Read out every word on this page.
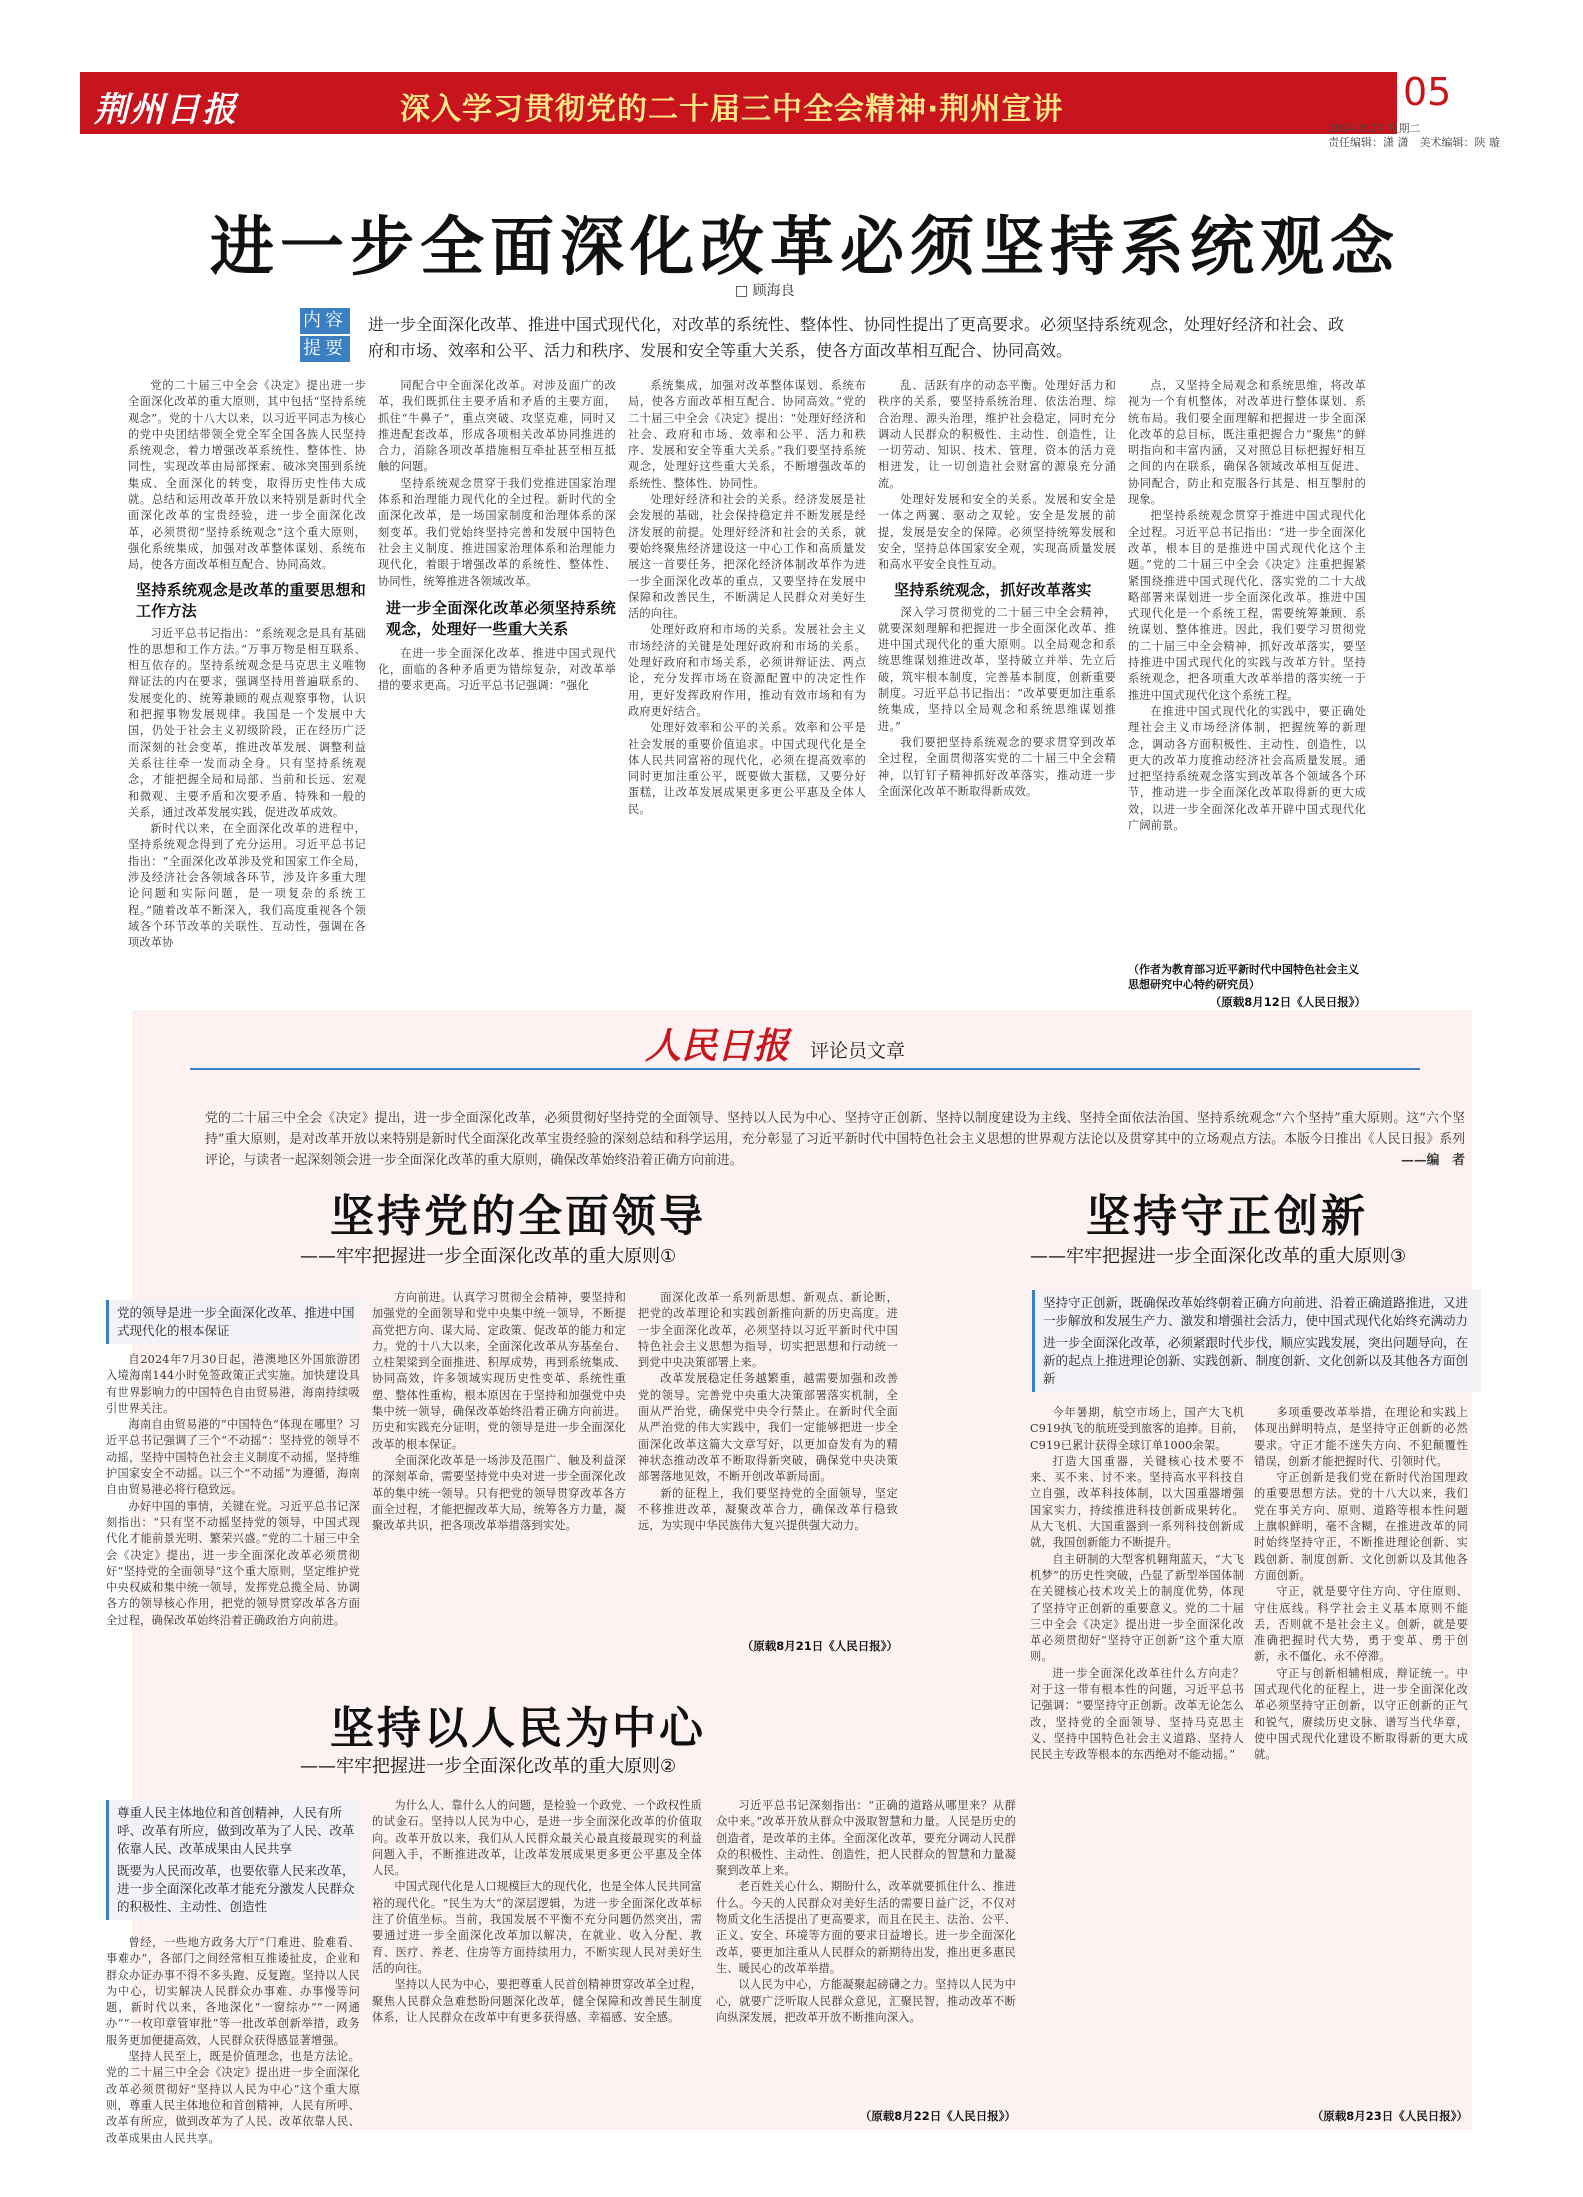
荆州日报	深入学习贯彻党的二十届三中全会精神·荆州宣讲	05
2024.8.27 星期二
责任编辑：潇 潇　美术编辑：陕 璇
进一步全面深化改革必须坚持系统观念
□ 顾海良
内容
提要
进一步全面深化改革、推进中国式现代化，对改革的系统性、整体性、协同性提出了更高要求。必须坚持系统观念，处理好经济和社会、政府和市场、效率和公平、活力和秩序、发展和安全等重大关系，使各方面改革相互配合、协同高效。

党的二十届三中全会《决定》提出进一步全面深化改革的重大原则，其中包括“坚持系统观念”。党的十八大以来，以习近平同志为核心的党中央团结带领全党全军全国各族人民坚持系统观念，着力增强改革系统性、整体性、协同性，实现改革由局部探索、破冰突围到系统集成、全面深化的转变，取得历史性伟大成就。总结和运用改革开放以来特别是新时代全面深化改革的宝贵经验，进一步全面深化改革，必须贯彻“坚持系统观念”这个重大原则，强化系统集成，加强对改革整体谋划、系统布局，使各方面改革相互配合、协同高效。

坚持系统观念是改革的重要思想和工作方法

习近平总书记指出：“系统观念是具有基础性的思想和工作方法。”万事万物是相互联系、相互依存的。坚持系统观念是马克思主义唯物辩证法的内在要求，强调坚持用普遍联系的、发展变化的、统筹兼顾的观点观察事物，认识和把握事物发展规律。我国是一个发展中大国，仍处于社会主义初级阶段，正在经历广泛而深刻的社会变革，推进改革发展、调整利益关系往往牵一发而动全身。只有坚持系统观念，才能把握全局和局部、当前和长远、宏观和微观、主要矛盾和次要矛盾、特殊和一般的关系，通过改革发展实践，促进改革成效。

新时代以来，在全面深化改革的进程中，坚持系统观念得到了充分运用。习近平总书记指出：“全面深化改革涉及党和国家工作全局，涉及经济社会各领域各环节，涉及许多重大理论问题和实际问题，是一项复杂的系统工程。”随着改革不断深入，我们高度重视各个领域各个环节改革的关联性、互动性，强调在各项改革协

同配合中全面深化改革。对涉及面广的改革，我们既抓住主要矛盾和矛盾的主要方面，抓住“牛鼻子”，重点突破、攻坚克难，同时又推进配套改革，形成各项相关改革协同推进的合力，消除各项改革措施相互牵扯甚至相互抵触的问题。

坚持系统观念贯穿于我们党推进国家治理体系和治理能力现代化的全过程。新时代的全面深化改革，是一场国家制度和治理体系的深刻变革。我们党始终坚持完善和发展中国特色社会主义制度、推进国家治理体系和治理能力现代化，着眼于增强改革的系统性、整体性、协同性，统筹推进各领域改革。

进一步全面深化改革必须坚持系统观念，处理好一些重大关系

在进一步全面深化改革、推进中国式现代化，面临的各种矛盾更为错综复杂，对改革举措的要求更高。习近平总书记强调：“强化

系统集成，加强对改革整体谋划、系统布局，使各方面改革相互配合、协同高效。”党的二十届三中全会《决定》提出：“处理好经济和社会、政府和市场、效率和公平、活力和秩序、发展和安全等重大关系。”我们要坚持系统观念，处理好这些重大关系，不断增强改革的系统性、整体性、协同性。

处理好经济和社会的关系。经济发展是社会发展的基础，社会保持稳定并不断发展是经济发展的前提。处理好经济和社会的关系，就要始终聚焦经济建设这一中心工作和高质量发展这一首要任务，把深化经济体制改革作为进一步全面深化改革的重点，又要坚持在发展中保障和改善民生，不断满足人民群众对美好生活的向往。

处理好政府和市场的关系。发展社会主义市场经济的关键是处理好政府和市场的关系。处理好政府和市场关系，必须讲辩证法、两点论，充分发挥市场在资源配置中的决定性作用，更好发挥政府作用，推动有效市场和有为政府更好结合。

处理好效率和公平的关系。效率和公平是社会发展的重要价值追求。中国式现代化是全体人民共同富裕的现代化，必须在提高效率的同时更加注重公平，既要做大蛋糕，又要分好蛋糕，让改革发展成果更多更公平惠及全体人民。

乱、活跃有序的动态平衡。处理好活力和秩序的关系，要坚持系统治理、依法治理、综合治理、源头治理，维护社会稳定，同时充分调动人民群众的积极性、主动性、创造性，让一切劳动、知识、技术、管理、资本的活力竞相迸发，让一切创造社会财富的源泉充分涌流。

处理好发展和安全的关系。发展和安全是一体之两翼、驱动之双轮。安全是发展的前提，发展是安全的保障。必须坚持统筹发展和安全，坚持总体国家安全观，实现高质量发展和高水平安全良性互动。

坚持系统观念，抓好改革落实

深入学习贯彻党的二十届三中全会精神，就要深刻理解和把握进一步全面深化改革、推进中国式现代化的重大原则。以全局观念和系统思维谋划推进改革，坚持破立并举、先立后破，筑牢根本制度，完善基本制度，创新重要制度。习近平总书记指出：“改革要更加注重系统集成，坚持以全局观念和系统思维谋划推进。”

我们要把坚持系统观念的要求贯穿到改革全过程，全面贯彻落实党的二十届三中全会精神，以钉钉子精神抓好改革落实，推动进一步全面深化改革不断取得新成效。

点，又坚持全局观念和系统思维，将改革视为一个有机整体，对改革进行整体谋划、系统布局。我们要全面理解和把握进一步全面深化改革的总目标，既注重把握合力“聚焦”的鲜明指向和丰富内涵，又对照总目标把握好相互之间的内在联系，确保各领域改革相互促进、协同配合，防止和克服各行其是、相互掣肘的现象。

把坚持系统观念贯穿于推进中国式现代化全过程。习近平总书记指出：“进一步全面深化改革，根本目的是推进中国式现代化这个主题。”党的二十届三中全会《决定》注重把握紧紧围绕推进中国式现代化、落实党的二十大战略部署来谋划进一步全面深化改革。推进中国式现代化是一个系统工程，需要统筹兼顾、系统谋划、整体推进。因此，我们要学习贯彻党的二十届三中全会精神，抓好改革落实，要坚持推进中国式现代化的实践与改革方针。坚持系统观念，把各项重大改革举措的落实统一于推进中国式现代化这个系统工程。

在推进中国式现代化的实践中，要正确处理社会主义市场经济体制，把握统筹的新理念，调动各方面积极性、主动性、创造性，以更大的改革力度推动经济社会高质量发展。通过把坚持系统观念落实到改革各个领域各个环节，推动进一步全面深化改革取得新的更大成效，以进一步全面深化改革开辟中国式现代化广阔前景。

（作者为教育部习近平新时代中国特色社会主义思想研究中心特约研究员）
（原载8月12日《人民日报》）
人民日报 评论员文章
党的二十届三中全会《决定》提出，进一步全面深化改革，必须贯彻好坚持党的全面领导、坚持以人民为中心、坚持守正创新、坚持以制度建设为主线、坚持全面依法治国、坚持系统观念“六个坚持”重大原则。这“六个坚持”重大原则，是对改革开放以来特别是新时代全面深化改革宝贵经验的深刻总结和科学运用，充分彰显了习近平新时代中国特色社会主义思想的世界观方法论以及贯穿其中的立场观点方法。本版今日推出《人民日报》系列评论，与读者一起深刻领会进一步全面深化改革的重大原则，确保改革始终沿着正确方向前进。	——编　者
坚持党的全面领导
——牢牢把握进一步全面深化改革的重大原则①
党的领导是进一步全面深化改革、推进中国式现代化的根本保证

自2024年7月30日起，港澳地区外国旅游团入境海南144小时免签政策正式实施。加快建设具有世界影响力的中国特色自由贸易港，海南持续吸引世界关注。

海南自由贸易港的“中国特色”体现在哪里？习近平总书记强调了三个“不动摇”：坚持党的领导不动摇，坚持中国特色社会主义制度不动摇，坚持维护国家安全不动摇。以三个“不动摇”为遵循，海南自由贸易港必将行稳致远。

办好中国的事情，关键在党。习近平总书记深刻指出：“只有坚不动摇坚持党的领导，中国式现代化才能前景光明、繁荣兴盛。”党的二十届三中全会《决定》提出，进一步全面深化改革必须贯彻好“坚持党的全面领导”这个重大原则，坚定维护党中央权威和集中统一领导，发挥党总揽全局、协调各方的领导核心作用，把党的领导贯穿改革各方面全过程，确保改革始终沿着正确政治方向前进。

方向前进。认真学习贯彻全会精神，要坚持和加强党的全面领导和党中央集中统一领导，不断提高党把方向、谋大局、定政策、促改革的能力和定力。党的十八大以来，全面深化改革从夯基垒台、立柱架梁到全面推进、积厚成势，再到系统集成、协同高效，许多领域实现历史性变革、系统性重塑、整体性重构，根本原因在于坚持和加强党中央集中统一领导，确保改革始终沿着正确方向前进。历史和实践充分证明，党的领导是进一步全面深化改革的根本保证。

全面深化改革是一场涉及范围广、触及利益深的深刻革命，需要坚持党中央对进一步全面深化改革的集中统一领导。只有把党的领导贯穿改革各方面全过程，才能把握改革大局，统筹各方力量，凝聚改革共识，把各项改革举措落到实处。

面深化改革一系列新思想、新观点、新论断，把党的改革理论和实践创新推向新的历史高度。进一步全面深化改革，必须坚持以习近平新时代中国特色社会主义思想为指导，切实把思想和行动统一到党中央决策部署上来。

改革发展稳定任务越繁重，越需要加强和改善党的领导。完善党中央重大决策部署落实机制，全面从严治党，确保党中央令行禁止。在新时代全面从严治党的伟大实践中，我们一定能够把进一步全面深化改革这篇大文章写好，以更加奋发有为的精神状态推动改革不断取得新突破，确保党中央决策部署落地见效，不断开创改革新局面。

新的征程上，我们要坚持党的全面领导，坚定不移推进改革，凝聚改革合力，确保改革行稳致远，为实现中华民族伟大复兴提供强大动力。

（原载8月21日《人民日报》）
坚持以人民为中心
——牢牢把握进一步全面深化改革的重大原则②
尊重人民主体地位和首创精神，人民有所呼、改革有所应，做到改革为了人民、改革依靠人民、改革成果由人民共享
既要为人民而改革，也要依靠人民来改革，进一步全面深化改革才能充分激发人民群众的积极性、主动性、创造性

曾经，一些地方政务大厅“门难进、脸难看、事难办”，各部门之间经常相互推诿扯皮，企业和群众办证办事不得不多头跑、反复跑。坚持以人民为中心，切实解决人民群众办事难、办事慢等问题，新时代以来，各地深化“一窗综办”“一网通办”“一枚印章管审批”等一批改革创新举措，政务服务更加便捷高效，人民群众获得感显著增强。

坚持人民至上，既是价值理念，也是方法论。党的二十届三中全会《决定》提出进一步全面深化改革必须贯彻好“坚持以人民为中心”这个重大原则，尊重人民主体地位和首创精神，人民有所呼、改革有所应，做到改革为了人民、改革依靠人民、改革成果由人民共享。

为什么人、靠什么人的问题，是检验一个政党、一个政权性质的试金石。坚持以人民为中心，是进一步全面深化改革的价值取向。改革开放以来，我们从人民群众最关心最直接最现实的利益问题入手，不断推进改革，让改革发展成果更多更公平惠及全体人民。

中国式现代化是人口规模巨大的现代化，也是全体人民共同富裕的现代化。“民生为大”的深层逻辑，为进一步全面深化改革标注了价值坐标。当前，我国发展不平衡不充分问题仍然突出，需要通过进一步全面深化改革加以解决，在就业、收入分配、教育、医疗、养老、住房等方面持续用力，不断实现人民对美好生活的向往。

坚持以人民为中心，要把尊重人民首创精神贯穿改革全过程，聚焦人民群众急难愁盼问题深化改革，健全保障和改善民生制度体系，让人民群众在改革中有更多获得感、幸福感、安全感。

习近平总书记深刻指出：“正确的道路从哪里来？从群众中来。”改革开放从群众中汲取智慧和力量。人民是历史的创造者，是改革的主体。全面深化改革，要充分调动人民群众的积极性、主动性、创造性，把人民群众的智慧和力量凝聚到改革上来。

老百姓关心什么、期盼什么，改革就要抓住什么、推进什么。今天的人民群众对美好生活的需要日益广泛，不仅对物质文化生活提出了更高要求，而且在民主、法治、公平、正义、安全、环境等方面的要求日益增长。进一步全面深化改革，要更加注重从人民群众的新期待出发，推出更多惠民生、暖民心的改革举措。

以人民为中心，方能凝聚起磅礴之力。坚持以人民为中心，就要广泛听取人民群众意见，汇聚民智，推动改革不断向纵深发展，把改革开放不断推向深入。

（原载8月22日《人民日报》）
坚持守正创新
——牢牢把握进一步全面深化改革的重大原则③
坚持守正创新，既确保改革始终朝着正确方向前进、沿着正确道路推进，又进一步解放和发展生产力、激发和增强社会活力，使中国式现代化始终充满动力
进一步全面深化改革，必须紧跟时代步伐，顺应实践发展，突出问题导向，在新的起点上推进理论创新、实践创新、制度创新、文化创新以及其他各方面创新

今年暑期，航空市场上，国产大飞机C919执飞的航班受到旅客的追捧。目前，C919已累计获得全球订单1000余架。

打造大国重器，关键核心技术要不来、买不来、讨不来。坚持高水平科技自立自强，改革科技体制，以大国重器增强国家实力，持续推进科技创新成果转化。从大飞机、大国重器到一系列科技创新成就，我国创新能力不断提升。

自主研制的大型客机翱翔蓝天，“大飞机梦”的历史性突破，凸显了新型举国体制在关键核心技术攻关上的制度优势，体现了坚持守正创新的重要意义。党的二十届三中全会《决定》提出进一步全面深化改革必须贯彻好“坚持守正创新”这个重大原则。

进一步全面深化改革往什么方向走？对于这一带有根本性的问题，习近平总书记强调：“要坚持守正创新。改革无论怎么改，坚持党的全面领导、坚持马克思主义、坚持中国特色社会主义道路、坚持人民民主专政等根本的东西绝对不能动摇。”

多项重要改革举措，在理论和实践上体现出鲜明特点，是坚持守正创新的必然要求。守正才能不迷失方向、不犯颠覆性错误，创新才能把握时代、引领时代。

守正创新是我们党在新时代治国理政的重要思想方法。党的十八大以来，我们党在事关方向、原则、道路等根本性问题上旗帜鲜明，毫不含糊，在推进改革的同时始终坚持守正，不断推进理论创新、实践创新、制度创新、文化创新以及其他各方面创新。

守正，就是要守住方向、守住原则、守住底线。科学社会主义基本原则不能丢，否则就不是社会主义。创新，就是要准确把握时代大势，勇于变革、勇于创新，永不僵化、永不停滞。

守正与创新相辅相成，辩证统一。中国式现代化的征程上，进一步全面深化改革必须坚持守正创新，以守正创新的正气和锐气，赓续历史文脉、谱写当代华章，使中国式现代化建设不断取得新的更大成就。

（原载8月23日《人民日报》）
